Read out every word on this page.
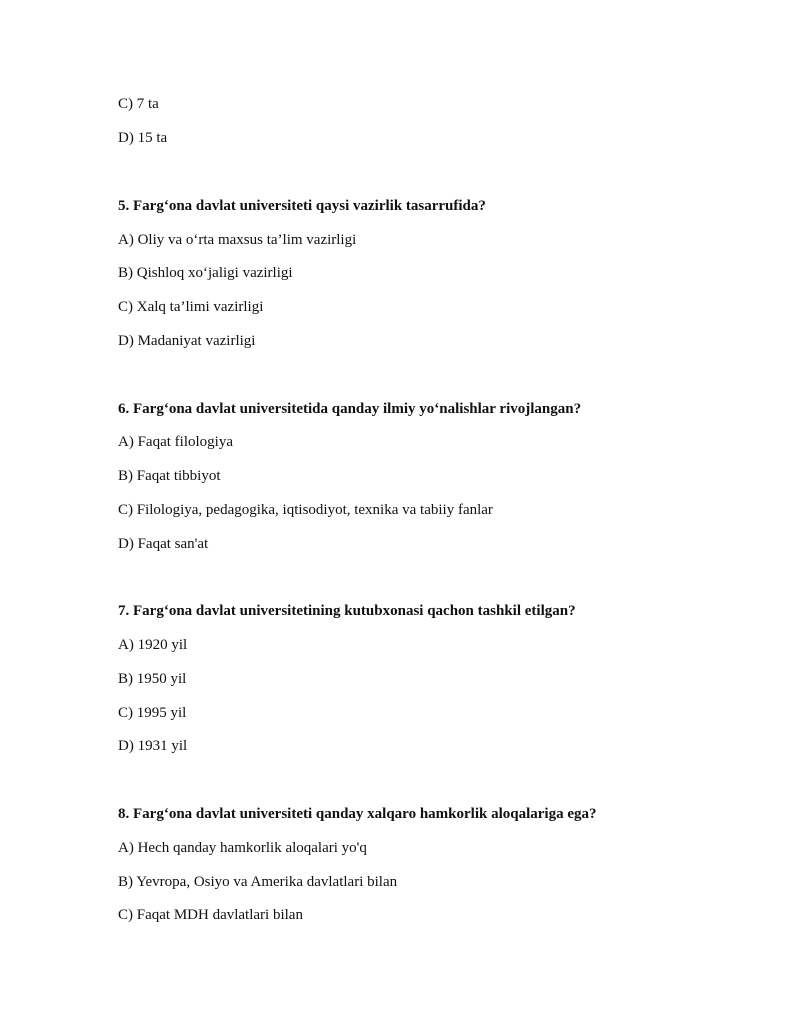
C) 7 ta
D) 15 ta
5. Farg‘ona davlat universiteti qaysi vazirlik tasarrufida?
A) Oliy va o‘rta maxsus ta’lim vazirligi
B) Qishloq xo‘jaligi vazirligi
C) Xalq ta’limi vazirligi
D) Madaniyat vazirligi
6. Farg‘ona davlat universitetida qanday ilmiy yo‘nalishlar rivojlangan?
A) Faqat filologiya
B) Faqat tibbiyot
C) Filologiya, pedagogika, iqtisodiyot, texnika va tabiiy fanlar
D) Faqat san'at
7. Farg‘ona davlat universitetining kutubxonasi qachon tashkil etilgan?
A) 1920 yil
B) 1950 yil
C) 1995 yil
D) 1931 yil
8. Farg‘ona davlat universiteti qanday xalqaro hamkorlik aloqalariga ega?
A) Hech qanday hamkorlik aloqalari yo'q
B) Yevropa, Osiyo va Amerika davlatlari bilan
C) Faqat MDH davlatlari bilan
